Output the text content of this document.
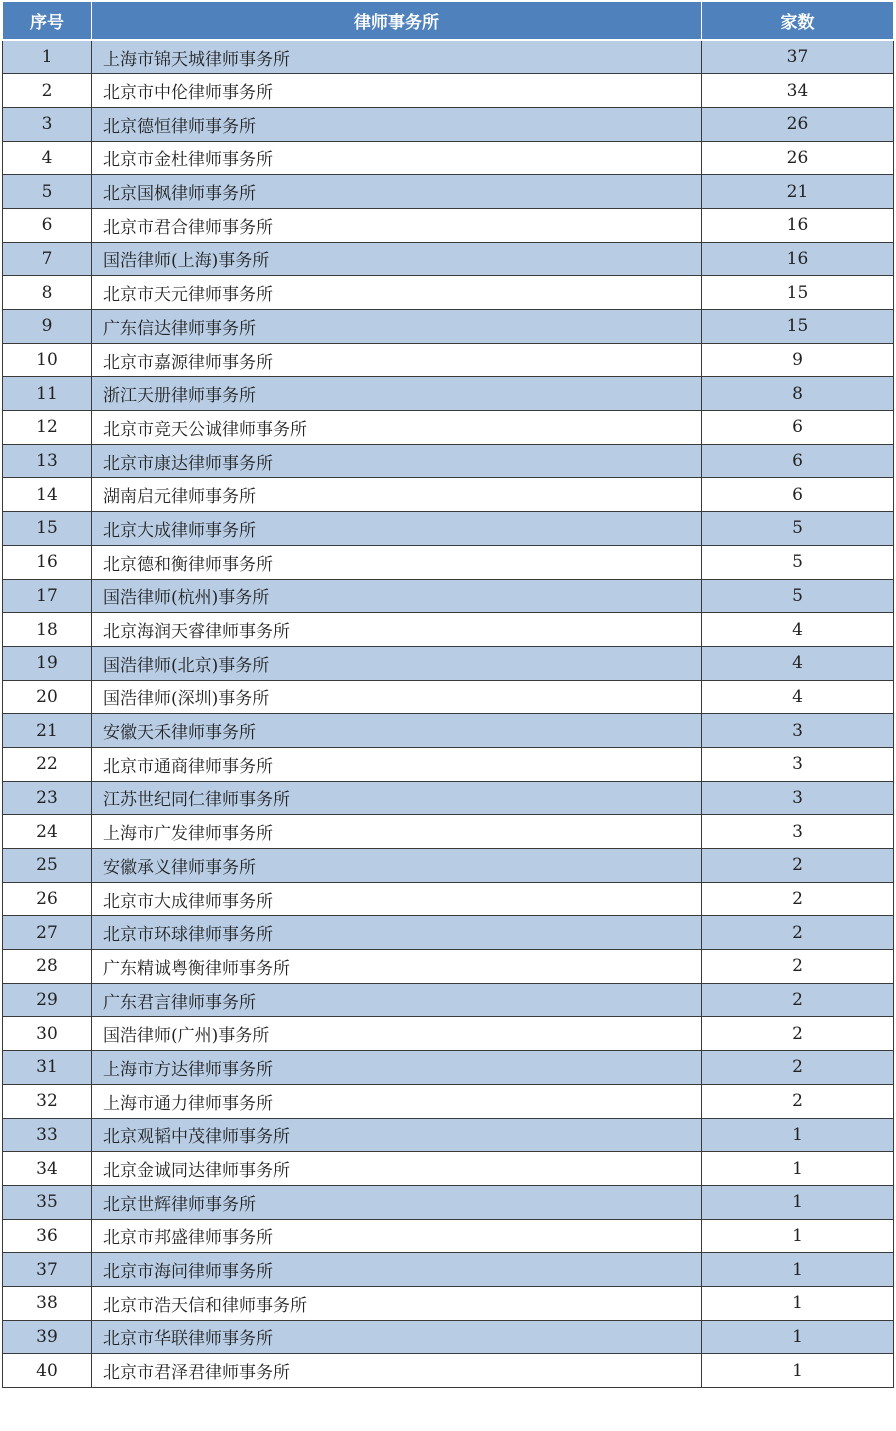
序号	律师事务所	家数
1	上海市锦天城律师事务所	37
2	北京市中伦律师事务所	34
3	北京德恒律师事务所	26
4	北京市金杜律师事务所	26
5	北京国枫律师事务所	21
6	北京市君合律师事务所	16
7	国浩律师(上海)事务所	16
8	北京市天元律师事务所	15
9	广东信达律师事务所	15
10	北京市嘉源律师事务所	9
11	浙江天册律师事务所	8
12	北京市竞天公诚律师事务所	6
13	北京市康达律师事务所	6
14	湖南启元律师事务所	6
15	北京大成律师事务所	5
16	北京德和衡律师事务所	5
17	国浩律师(杭州)事务所	5
18	北京海润天睿律师事务所	4
19	国浩律师(北京)事务所	4
20	国浩律师(深圳)事务所	4
21	安徽天禾律师事务所	3
22	北京市通商律师事务所	3
23	江苏世纪同仁律师事务所	3
24	上海市广发律师事务所	3
25	安徽承义律师事务所	2
26	北京市大成律师事务所	2
27	北京市环球律师事务所	2
28	广东精诚粤衡律师事务所	2
29	广东君言律师事务所	2
30	国浩律师(广州)事务所	2
31	上海市方达律师事务所	2
32	上海市通力律师事务所	2
33	北京观韬中茂律师事务所	1
34	北京金诚同达律师事务所	1
35	北京世辉律师事务所	1
36	北京市邦盛律师事务所	1
37	北京市海问律师事务所	1
38	北京市浩天信和律师事务所	1
39	北京市华联律师事务所	1
40	北京市君泽君律师事务所	1
